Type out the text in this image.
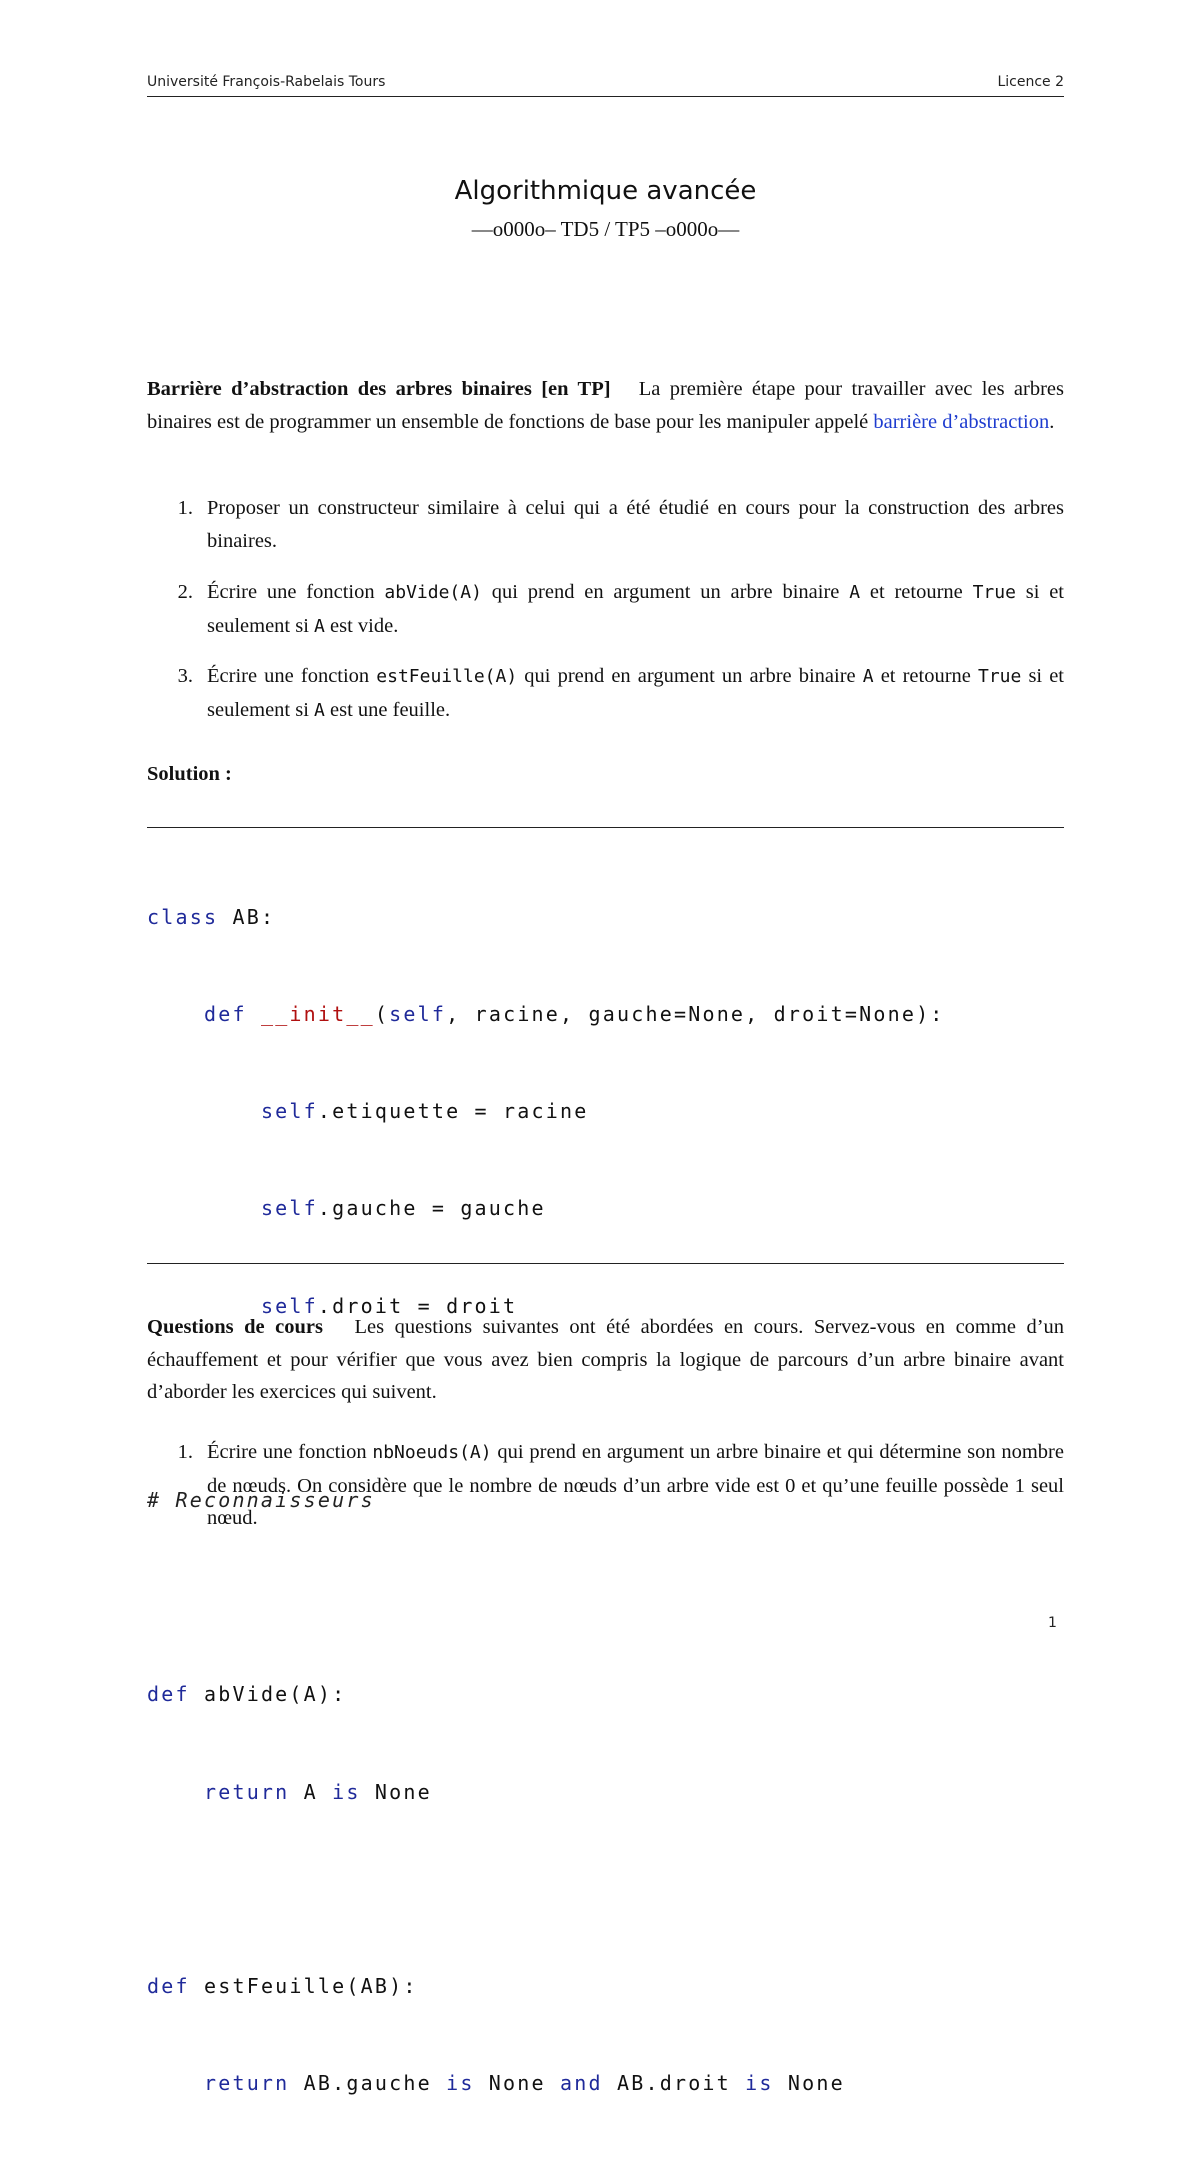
Université François-Rabelais Tours	Licence 2
Algorithmique avancée
—o000o– TD5 / TP5 –o000o—
Barrière d’abstraction des arbres binaires [en TP] La première étape pour travailler avec les arbres binaires est de programmer un ensemble de fonctions de base pour les manipuler appelé barrière d’abstraction.
1. Proposer un constructeur similaire à celui qui a été étudié en cours pour la construction des arbres binaires.
2. Écrire une fonction abVide(A) qui prend en argument un arbre binaire A et retourne True si et seulement si A est vide.
3. Écrire une fonction estFeuille(A) qui prend en argument un arbre binaire A et retourne True si et seulement si A est une feuille.
Solution :

class AB:

def __init__(self, racine, gauche=None, droit=None):

self.etiquette = racine

self.gauche = gauche

self.droit = droit

# Reconnaisseurs

def abVide(A):

return A is None

def estFeuille(AB):

return AB.gauche is None and AB.droit is None

Questions de cours Les questions suivantes ont été abordées en cours. Servez-vous en comme d’un échauffement et pour vérifier que vous avez bien compris la logique de parcours d’un arbre binaire avant d’aborder les exercices qui suivent.
1. Écrire une fonction nbNoeuds(A) qui prend en argument un arbre binaire et qui détermine son nombre de nœuds. On considère que le nombre de nœuds d’un arbre vide est 0 et qu’une feuille possède 1 seul nœud.
1
